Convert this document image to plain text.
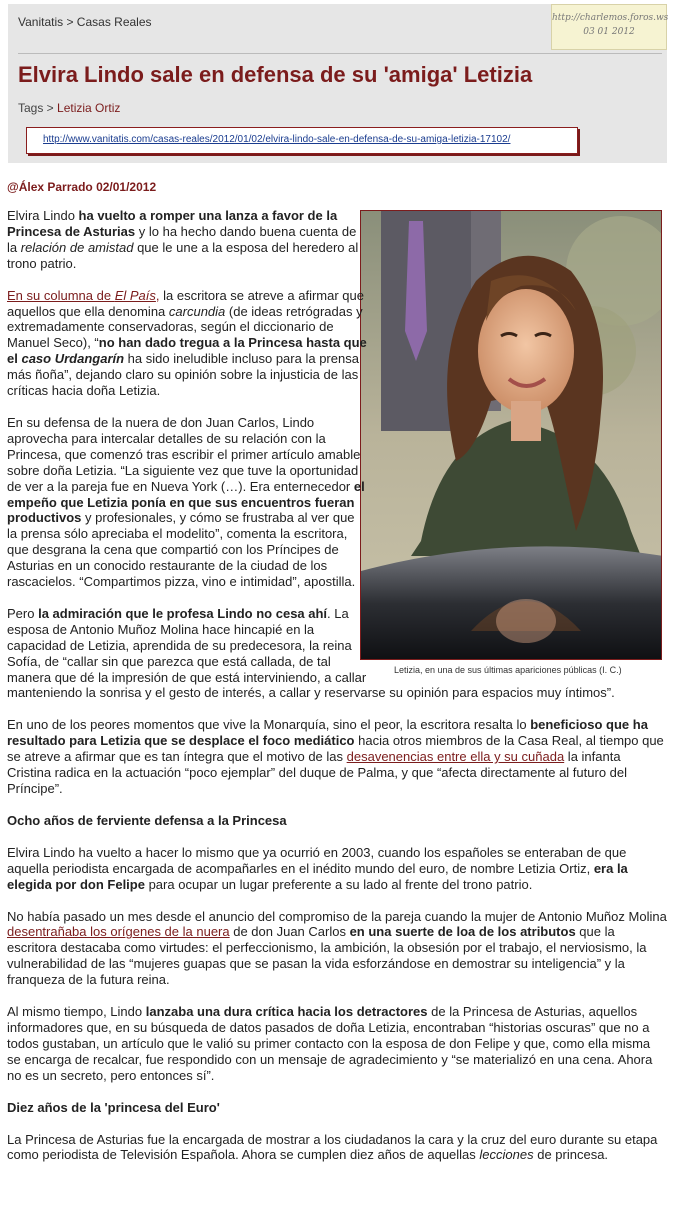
Vanitatis > Casas Reales
Elvira Lindo sale en defensa de su 'amiga' Letizia
Tags > Letizia Ortiz
http://www.vanitatis.com/casas-reales/2012/01/02/elvira-lindo-sale-en-defensa-de-su-amiga-letizia-17102/
http://charlemos.foros.ws
03 01 2012
@Álex Parrado 02/01/2012
Letizia, en una de sus últimas apariciones públicas (I. C.)

Elvira Lindo ha vuelto a romper una lanza a favor de la Princesa de Asturias y lo ha hecho dando buena cuenta de la relación de amistad que le une a la esposa del heredero al trono patrio.

En su columna de El País, la escritora se atreve a afirmar que aquellos que ella denomina carcundia (de ideas retrógradas y extremadamente conservadoras, según el diccionario de Manuel Seco), “no han dado tregua a la Princesa hasta que el caso Urdangarín ha sido ineludible incluso para la prensa más ñoña”, dejando claro su opinión sobre la injusticia de las críticas hacia doña Letizia.

En su defensa de la nuera de don Juan Carlos, Lindo aprovecha para intercalar detalles de su relación con la Princesa, que comenzó tras escribir el primer artículo amable sobre doña Letizia. “La siguiente vez que tuve la oportunidad de ver a la pareja fue en Nueva York (…). Era enternecedor el empeño que Letizia ponía en que sus encuentros fueran productivos y profesionales, y cómo se frustraba al ver que la prensa sólo apreciaba el modelito”, comenta la escritora, que desgrana la cena que compartió con los Príncipes de Asturias en un conocido restaurante de la ciudad de los rascacielos. “Compartimos pizza, vino e intimidad”, apostilla.

Pero la admiración que le profesa Lindo no cesa ahí. La esposa de Antonio Muñoz Molina hace hincapié en la capacidad de Letizia, aprendida de su predecesora, la reina Sofía, de “callar sin que parezca que está callada, de tal manera que dé la impresión de que está interviniendo, a callar manteniendo la sonrisa y el gesto de interés, a callar y reservarse su opinión para espacios muy íntimos”.

En uno de los peores momentos que vive la Monarquía, sino el peor, la escritora resalta lo beneficioso que ha resultado para Letizia que se desplace el foco mediático hacia otros miembros de la Casa Real, al tiempo que se atreve a afirmar que es tan íntegra que el motivo de las desavenencias entre ella y su cuñada la infanta Cristina radica en la actuación “poco ejemplar” del duque de Palma, y que “afecta directamente al futuro del Príncipe”.

Ocho años de ferviente defensa a la Princesa

Elvira Lindo ha vuelto a hacer lo mismo que ya ocurrió en 2003, cuando los españoles se enteraban de que aquella periodista encargada de acompañarles en el inédito mundo del euro, de nombre Letizia Ortiz, era la elegida por don Felipe para ocupar un lugar preferente a su lado al frente del trono patrio.

No había pasado un mes desde el anuncio del compromiso de la pareja cuando la mujer de Antonio Muñoz Molina desentrañaba los orígenes de la nuera de don Juan Carlos en una suerte de loa de los atributos que la escritora destacaba como virtudes: el perfeccionismo, la ambición, la obsesión por el trabajo, el nerviosismo, la vulnerabilidad de las “mujeres guapas que se pasan la vida esforzándose en demostrar su inteligencia” y la franqueza de la futura reina.

Al mismo tiempo, Lindo lanzaba una dura crítica hacia los detractores de la Princesa de Asturias, aquellos informadores que, en su búsqueda de datos pasados de doña Letizia, encontraban “historias oscuras” que no a todos gustaban, un artículo que le valió su primer contacto con la esposa de don Felipe y que, como ella misma se encarga de recalcar, fue respondido con un mensaje de agradecimiento y “se materializó en una cena. Ahora no es un secreto, pero entonces sí”.

Diez años de la 'princesa del Euro'

La Princesa de Asturias fue la encargada de mostrar a los ciudadanos la cara y la cruz del euro durante su etapa como periodista de Televisión Española. Ahora se cumplen diez años de aquellas lecciones de princesa.
